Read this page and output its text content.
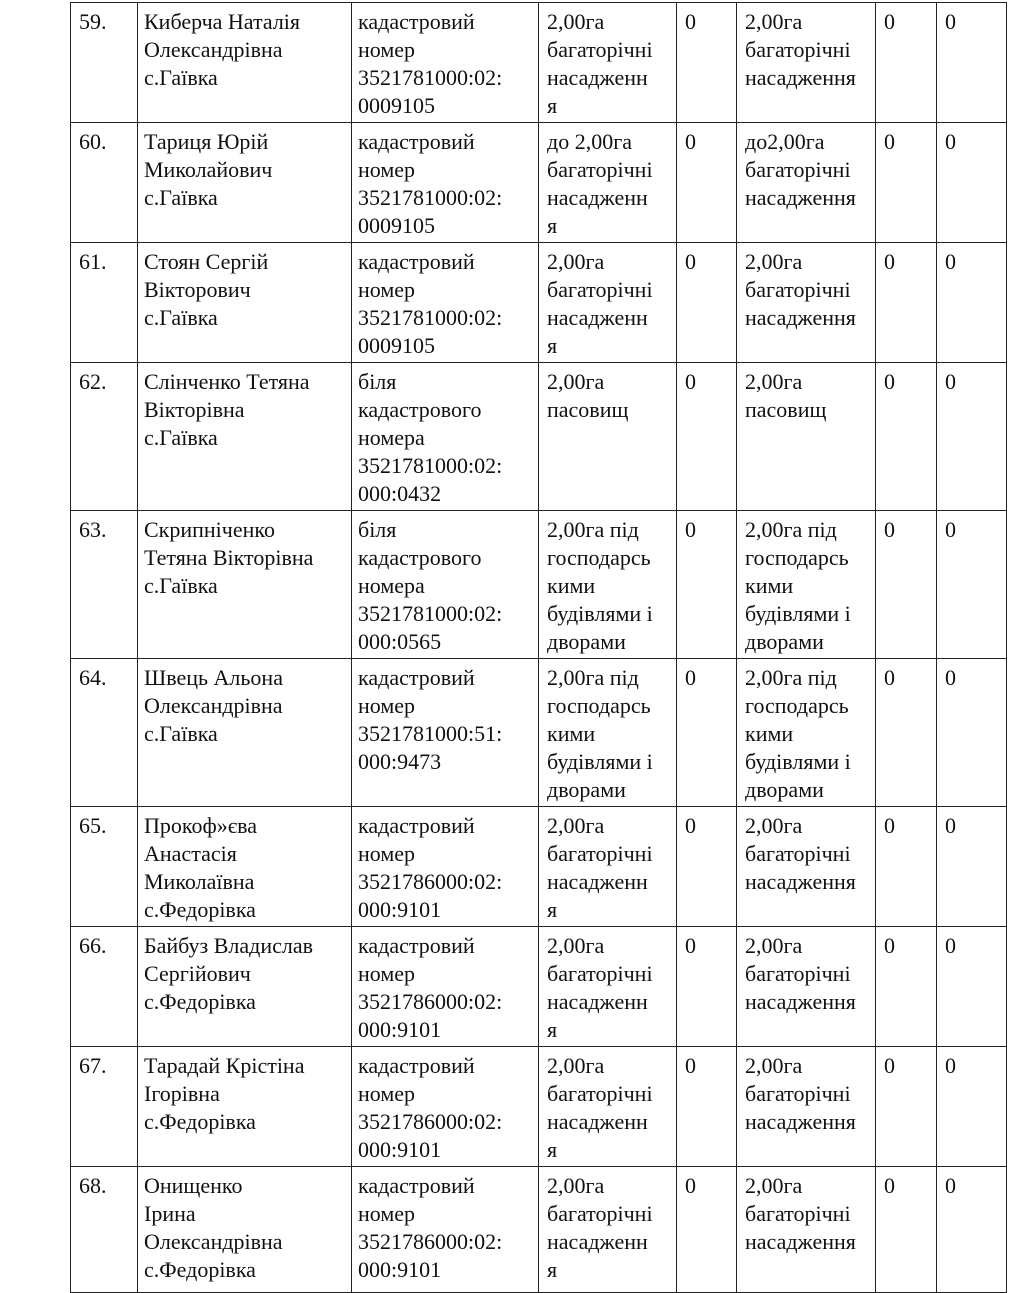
59.	Киберча Наталія
Олександрівна
с.Гаївка	кадастровий
номер
3521781000:02:
0009105	2,00га
багаторічні
насадженн
я	0	2,00га
багаторічні
насадження	0	0
60.	Тариця Юрій
Миколайович
с.Гаївка	кадастровий
номер
3521781000:02:
0009105	до 2,00га
багаторічні
насадженн
я	0	до2,00га
багаторічні
насадження	0	0
61.	Стоян Сергій
Вікторович
с.Гаївка	кадастровий
номер
3521781000:02:
0009105	2,00га
багаторічні
насадженн
я	0	2,00га
багаторічні
насадження	0	0
62.	Слінченко Тетяна
Вікторівна
с.Гаївка	біля
кадастрового
номера
3521781000:02:
000:0432	2,00га
пасовищ	0	2,00га
пасовищ	0	0
63.	Скрипніченко
Тетяна Вікторівна
с.Гаївка	біля
кадастрового
номера
3521781000:02:
000:0565	2,00га під
господарсь
кими
будівлями і
дворами	0	2,00га під
господарсь
кими
будівлями і
дворами	0	0
64.	Швець Альона
Олександрівна
с.Гаївка	кадастровий
номер
3521781000:51:
000:9473	2,00га під
господарсь
кими
будівлями і
дворами	0	2,00га під
господарсь
кими
будівлями і
дворами	0	0
65.	Прокоф»єва
Анастасія
Миколаївна
с.Федорівка	кадастровий
номер
3521786000:02:
000:9101	2,00га
багаторічні
насадженн
я	0	2,00га
багаторічні
насадження	0	0
66.	Байбуз Владислав
Сергійович
с.Федорівка	кадастровий
номер
3521786000:02:
000:9101	2,00га
багаторічні
насадженн
я	0	2,00га
багаторічні
насадження	0	0
67.	Тарадай Крістіна
Ігорівна
с.Федорівка	кадастровий
номер
3521786000:02:
000:9101	2,00га
багаторічні
насадженн
я	0	2,00га
багаторічні
насадження	0	0
68.	Онищенко
Ірина
Олександрівна
с.Федорівка	кадастровий
номер
3521786000:02:
000:9101	2,00га
багаторічні
насадженн
я	0	2,00га
багаторічні
насадження	0	0
